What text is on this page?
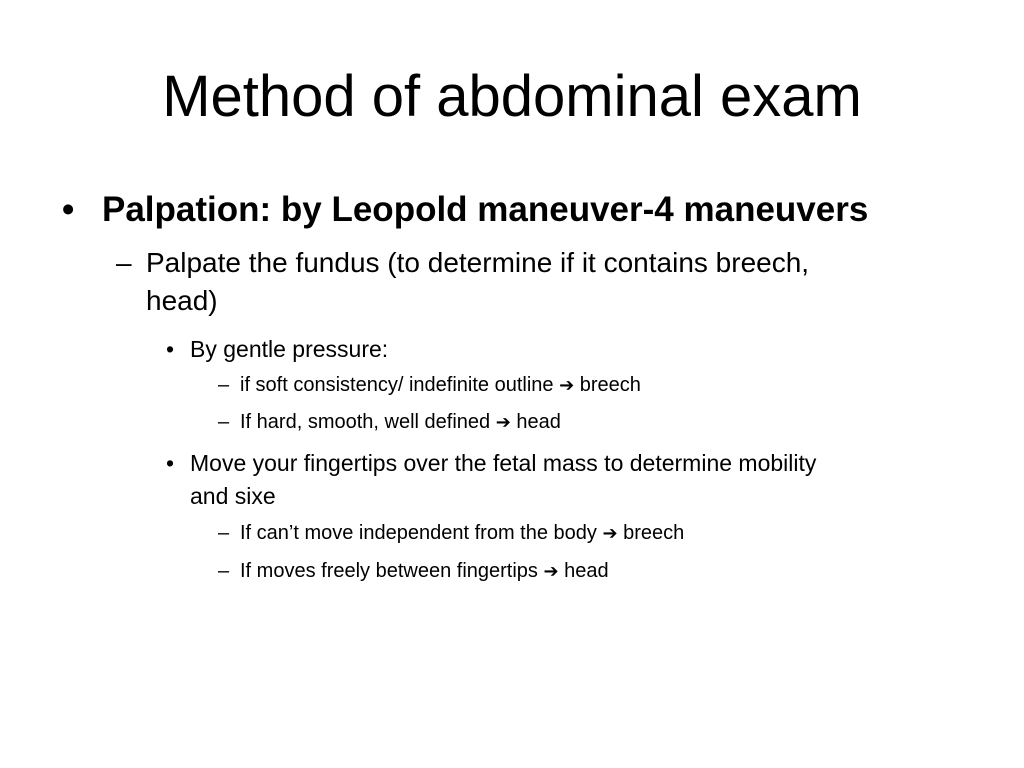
Method of abdominal exam
• Palpation: by Leopold maneuver-4 maneuvers
– Palpate the fundus (to determine if it contains breech,
head)
• By gentle pressure:
– if soft consistency/ indefinite outline ➔ breech
– If hard, smooth, well defined ➔ head
• Move your fingertips over the fetal mass to determine mobility
and sixe
– If can’t move independent from the body ➔ breech
– If moves freely between fingertips ➔ head
